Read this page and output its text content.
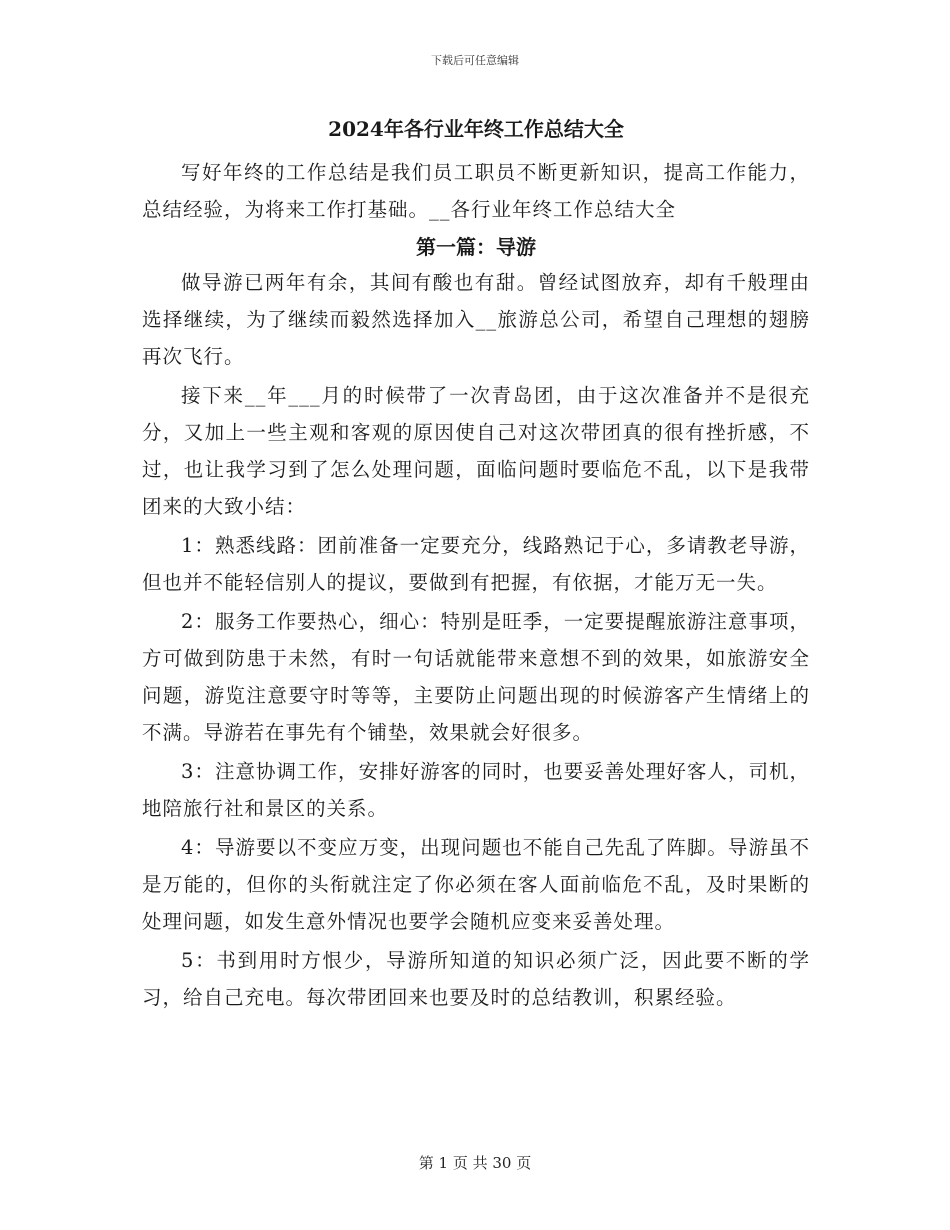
下载后可任意编辑
2024年各行业年终工作总结大全

写好年终的工作总结是我们员工职员不断更新知识，提高工作能力，总结经验，为将来工作打基础。__各行业年终工作总结大全

第一篇：导游

做导游已两年有余，其间有酸也有甜。曾经试图放弃，却有千般理由选择继续，为了继续而毅然选择加入__旅游总公司，希望自己理想的翅膀再次飞行。

接下来__年___月的时候带了一次青岛团，由于这次准备并不是很充分，又加上一些主观和客观的原因使自己对这次带团真的很有挫折感，不过，也让我学习到了怎么处理问题，面临问题时要临危不乱，以下是我带团来的大致小结：

1：熟悉线路：团前准备一定要充分，线路熟记于心，多请教老导游，但也并不能轻信别人的提议，要做到有把握，有依据，才能万无一失。

2：服务工作要热心，细心：特别是旺季，一定要提醒旅游注意事项，方可做到防患于未然，有时一句话就能带来意想不到的效果，如旅游安全问题，游览注意要守时等等，主要防止问题出现的时候游客产生情绪上的不满。导游若在事先有个铺垫，效果就会好很多。

3：注意协调工作，安排好游客的同时，也要妥善处理好客人，司机，地陪旅行社和景区的关系。

4：导游要以不变应万变，出现问题也不能自己先乱了阵脚。导游虽不是万能的，但你的头衔就注定了你必须在客人面前临危不乱，及时果断的处理问题，如发生意外情况也要学会随机应变来妥善处理。

5：书到用时方恨少，导游所知道的知识必须广泛，因此要不断的学习，给自己充电。每次带团回来也要及时的总结教训，积累经验。

第 1 页 共 30 页
